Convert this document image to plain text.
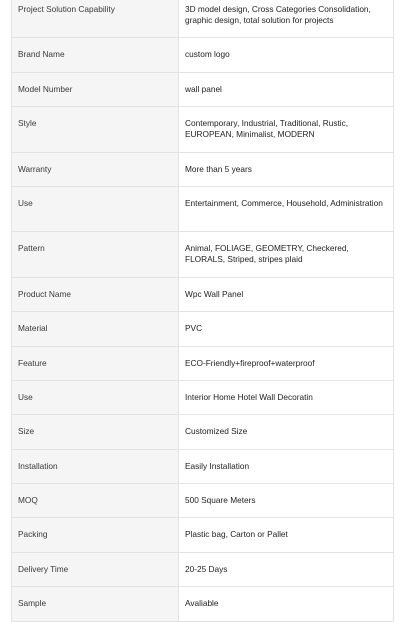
Project Solution Capability	3D model design, Cross Categories Consolidation, graphic design, total solution for projects
Brand Name	custom logo
Model Number	wall panel
Style	Contemporary, Industrial, Traditional, Rustic, EUROPEAN, Minimalist, MODERN
Warranty	More than 5 years
Use	Entertainment, Commerce, Household, Administration
Pattern	Animal, FOLIAGE, GEOMETRY, Checkered, FLORALS, Striped, stripes plaid
Product Name	Wpc Wall Panel
Material	PVC
Feature	ECO-Friendly+fireproof+waterproof
Use	Interior Home Hotel Wall Decoratin
Size	Customized Size
Installation	Easily Installation
MOQ	500 Square Meters
Packing	Plastic bag, Carton or Pallet
Delivery Time	20-25 Days
Sample	Avaliable
